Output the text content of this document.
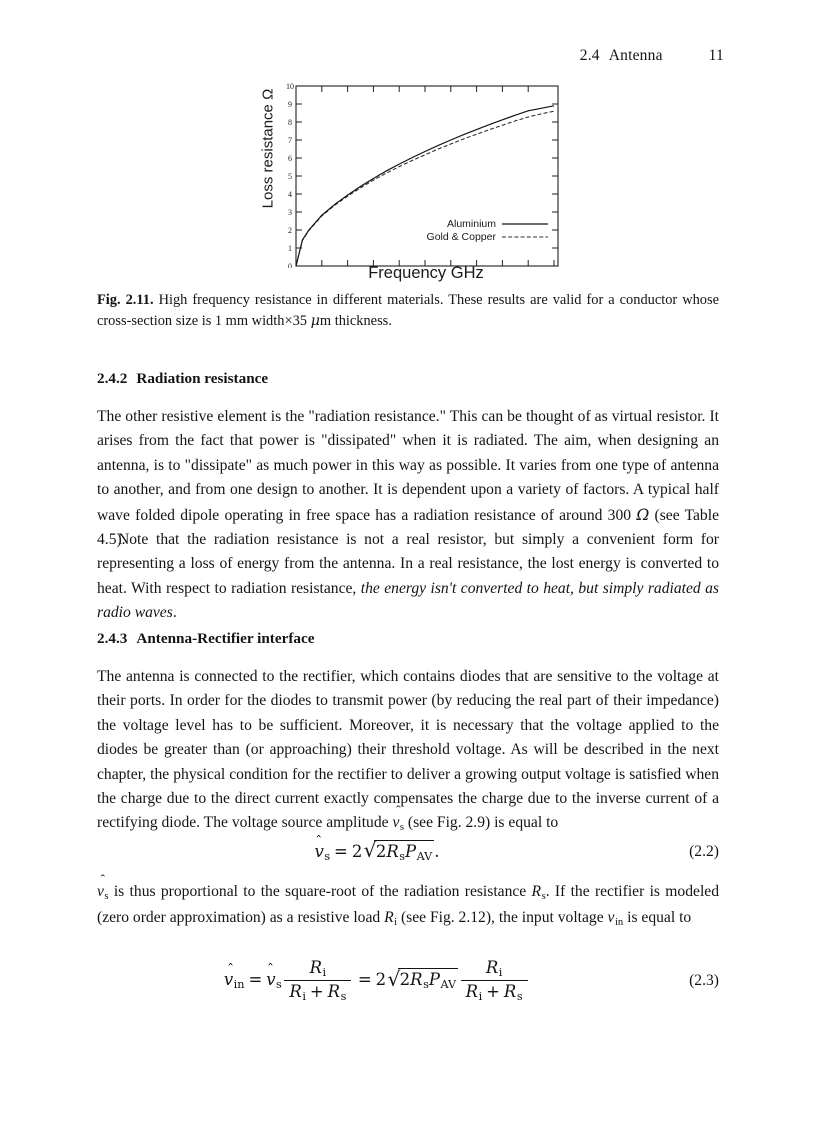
2.4 Antenna	11
Loss resistance Ω
0
1
2
3
4
5
6
7
8
9
10
Aluminium
Gold & Copper
Frequency GHz
Fig. 2.11. High frequency resistance in different materials. These results are valid for a conductor whose cross-section size is 1 mm width×35 μm thickness.
2.4.2 Radiation resistance
The other resistive element is the "radiation resistance." This can be thought of as virtual resistor. It arises from the fact that power is "dissipated" when it is radiated. The aim, when designing an antenna, is to "dissipate" as much power in this way as possible. It varies from one type of antenna to another, and from one design to another. It is dependent upon a variety of factors. A typical half wave folded dipole operating in free space has a radiation resistance of around 300 Ω (see Table 4.5).
Note that the radiation resistance is not a real resistor, but simply a convenient form for representing a loss of energy from the antenna. In a real resistance, the lost energy is converted to heat. With respect to radiation resistance, the energy isn't converted to heat, but simply radiated as radio waves.
2.4.3 Antenna-Rectifier interface
The antenna is connected to the rectifier, which contains diodes that are sensitive to the voltage at their ports. In order for the diodes to transmit power (by reducing the real part of their impedance) the voltage level has to be sufficient. Moreover, it is necessary that the voltage applied to the diodes be greater than (or approaching) their threshold voltage. As will be described in the next chapter, the physical condition for the rectifier to deliver a growing output voltage is satisfied when the charge due to the direct current exactly compensates the charge due to the inverse current of a rectifying diode. The voltage source amplitude
vs (see Fig. 2.9) is equal to
vs = 2 √ 2RsPAV .	(2.2)
vs is thus proportional to the square-root of the radiation resistance Rs. If the rectifier is modeled (zero order approximation) as a resistive load Ri (see Fig. 2.12), the input voltage vin is equal to
vin = vs $\frac{Ri}{Ri + Rs} = 2$ √ 2RsPAV $\frac{Ri}{Ri + Rs}$	(2.3)
